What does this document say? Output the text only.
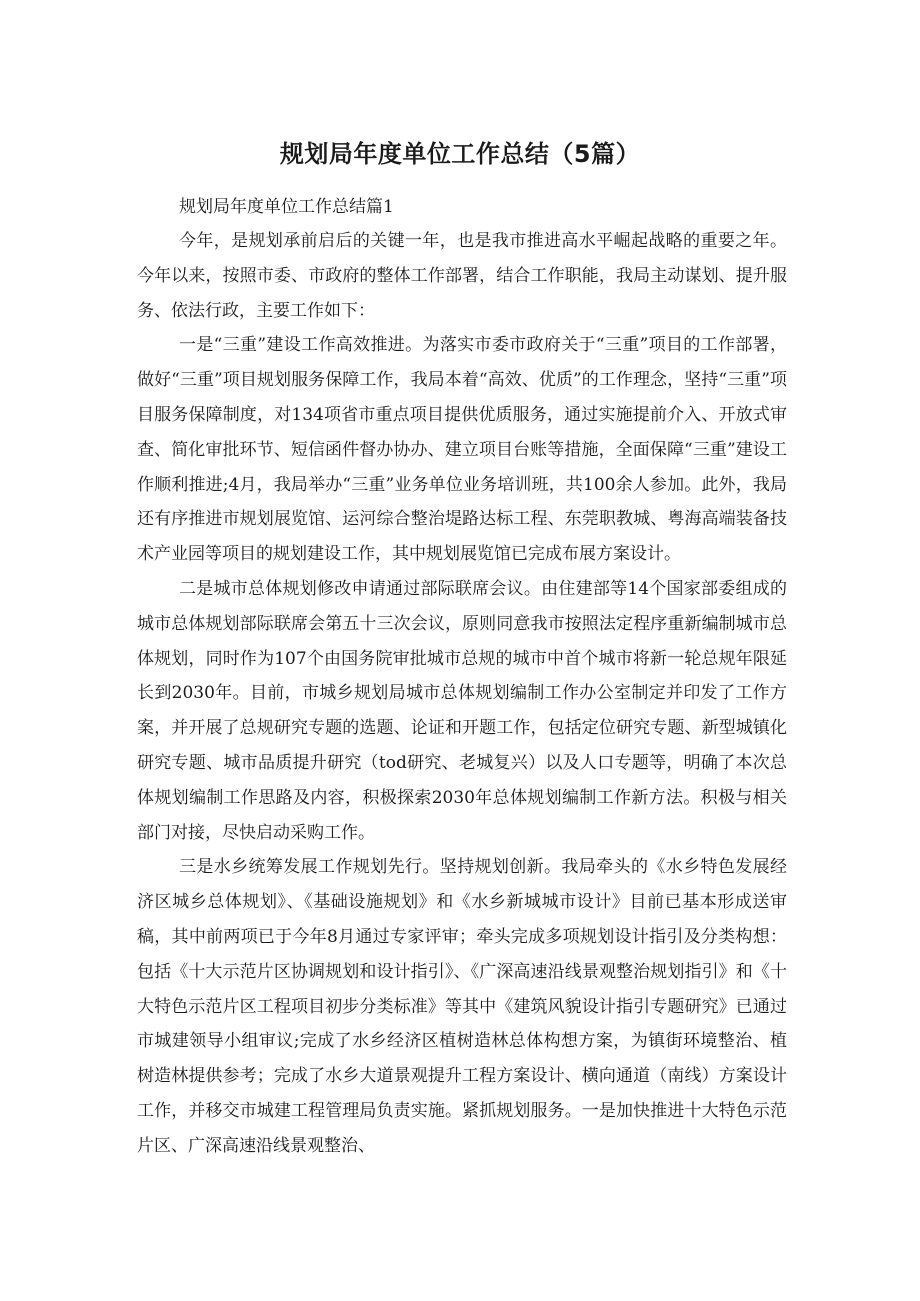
规划局年度单位工作总结（5篇）
规划局年度单位工作总结篇1

今年，是规划承前启后的关键一年，也是我市推进高水平崛起战略的重要之年。今年以来，按照市委、市政府的整体工作部署，结合工作职能，我局主动谋划、提升服务、依法行政，主要工作如下：

一是“三重”建设工作高效推进。为落实市委市政府关于“三重”项目的工作部署，做好“三重”项目规划服务保障工作，我局本着“高效、优质”的工作理念，坚持“三重”项目服务保障制度，对134项省市重点项目提供优质服务，通过实施提前介入、开放式审查、简化审批环节、短信函件督办协办、建立项目台账等措施，全面保障“三重”建设工作顺利推进;4月，我局举办“三重”业务单位业务培训班，共100余人参加。此外，我局还有序推进市规划展览馆、运河综合整治堤路达标工程、东莞职教城、粤海高端装备技术产业园等项目的规划建设工作，其中规划展览馆已完成布展方案设计。

二是城市总体规划修改申请通过部际联席会议。由住建部等14个国家部委组成的城市总体规划部际联席会第五十三次会议，原则同意我市按照法定程序重新编制城市总体规划，同时作为107个由国务院审批城市总规的城市中首个城市将新一轮总规年限延长到2030年。目前，市城乡规划局城市总体规划编制工作办公室制定并印发了工作方案，并开展了总规研究专题的选题、论证和开题工作，包括定位研究专题、新型城镇化研究专题、城市品质提升研究（tod研究、老城复兴）以及人口专题等，明确了本次总体规划编制工作思路及内容，积极探索2030年总体规划编制工作新方法。积极与相关部门对接，尽快启动采购工作。

三是水乡统筹发展工作规划先行。坚持规划创新。我局牵头的《水乡特色发展经济区城乡总体规划》、《基础设施规划》和《水乡新城城市设计》目前已基本形成送审稿，其中前两项已于今年8月通过专家评审；牵头完成多项规划设计指引及分类构想：包括《十大示范片区协调规划和设计指引》、《广深高速沿线景观整治规划指引》和《十大特色示范片区工程项目初步分类标准》等其中《建筑风貌设计指引专题研究》已通过市城建领导小组审议;完成了水乡经济区植树造林总体构想方案，为镇街环境整治、植树造林提供参考；完成了水乡大道景观提升工程方案设计、横向通道（南线）方案设计工作，并移交市城建工程管理局负责实施。紧抓规划服务。一是加快推进十大特色示范片区、广深高速沿线景观整治、
